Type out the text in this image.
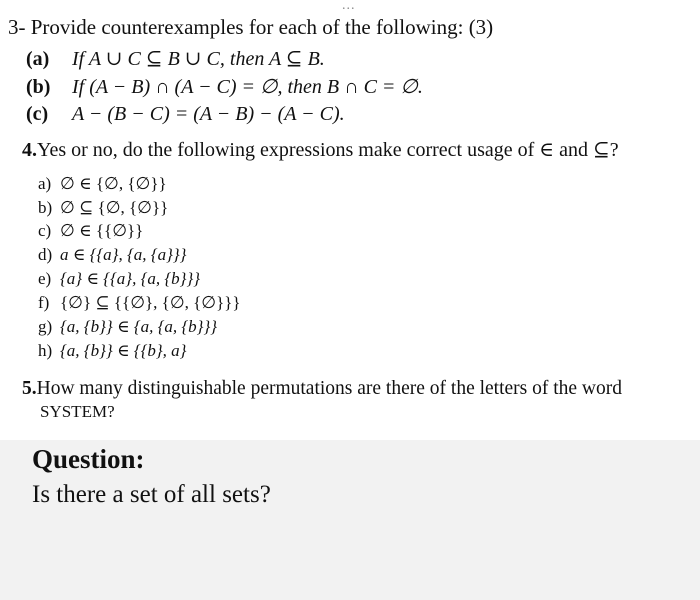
...
3- Provide counterexamples for each of the following: (3)
(a) If A ∪ C ⊆ B ∪ C, then A ⊆ B.
(b) If (A − B) ∩ (A − C) = ∅, then B ∩ C = ∅.
(c) A − (B − C) = (A − B) − (A − C).
4.Yes or no, do the following expressions make correct usage of ∈ and ⊆?
a) ∅ ∈ {∅, {∅}}
b) ∅ ⊆ {∅, {∅}}
c) ∅ ∈ {{∅}}
d) a ∈ {{a}, {a, {a}}}
e) {a} ∈ {{a}, {a, {b}}}
f) {∅} ⊆ {{∅}, {∅, {∅}}}
g) {a, {b}} ∈ {a, {a, {b}}}
h) {a, {b}} ∈ {{b}, a}
5.How many distinguishable permutations are there of the letters of the word
SYSTEM?
Question:
Is there a set of all sets?
